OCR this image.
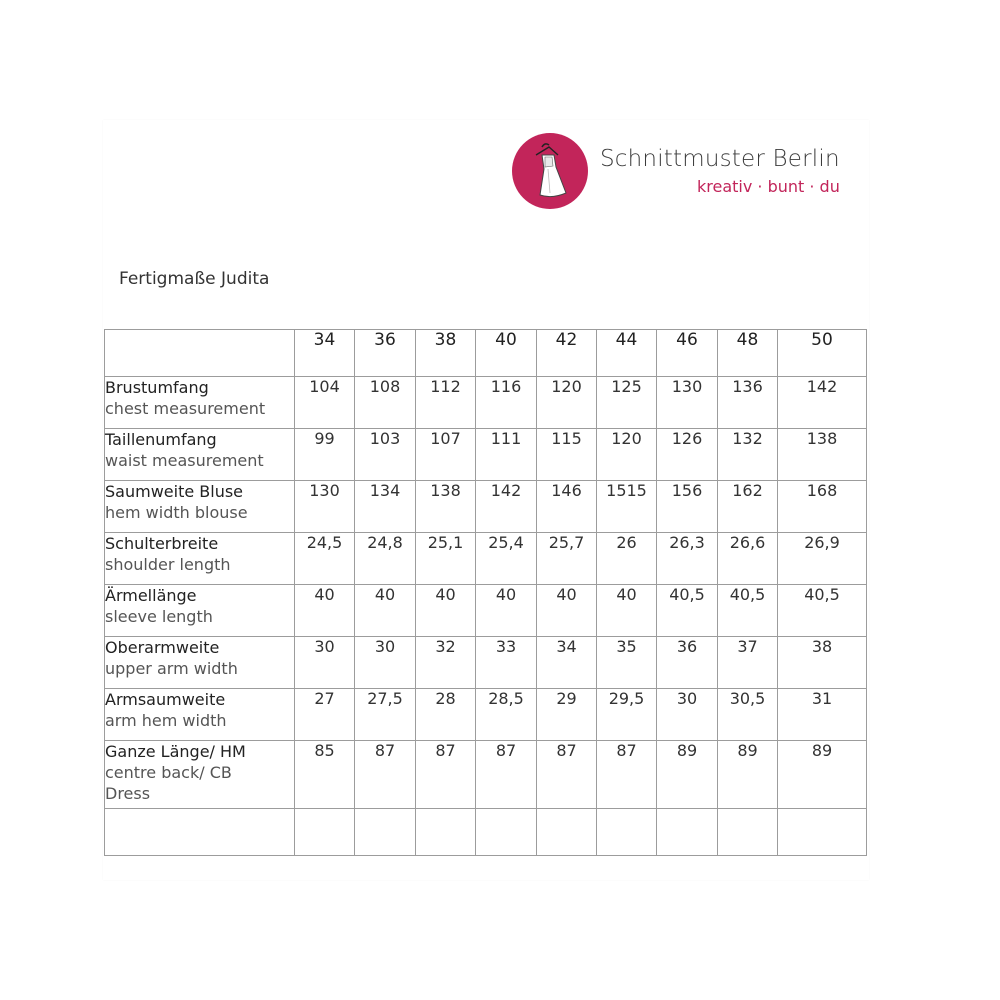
Schnittmuster Berlin
kreativ · bunt · du
Fertigmaße Judita
	34	36	38	40	42	44	46	48	50

Brustumfang
chest measurement	104	108	112	116	120	125	130	136	142

Taillenumfang
waist measurement	99	103	107	111	115	120	126	132	138

Saumweite Bluse
hem width blouse	130	134	138	142	146	1515	156	162	168

Schulterbreite
shoulder length	24,5	24,8	25,1	25,4	25,7	26	26,3	26,6	26,9

Ärmellänge
sleeve length	40	40	40	40	40	40	40,5	40,5	40,5

Oberarmweite
upper arm width	30	30	32	33	34	35	36	37	38

Armsaumweite
arm hem width	27	27,5	28	28,5	29	29,5	30	30,5	31

Ganze Länge/ HM
centre back/ CB
Dress	85	87	87	87	87	87	89	89	89
